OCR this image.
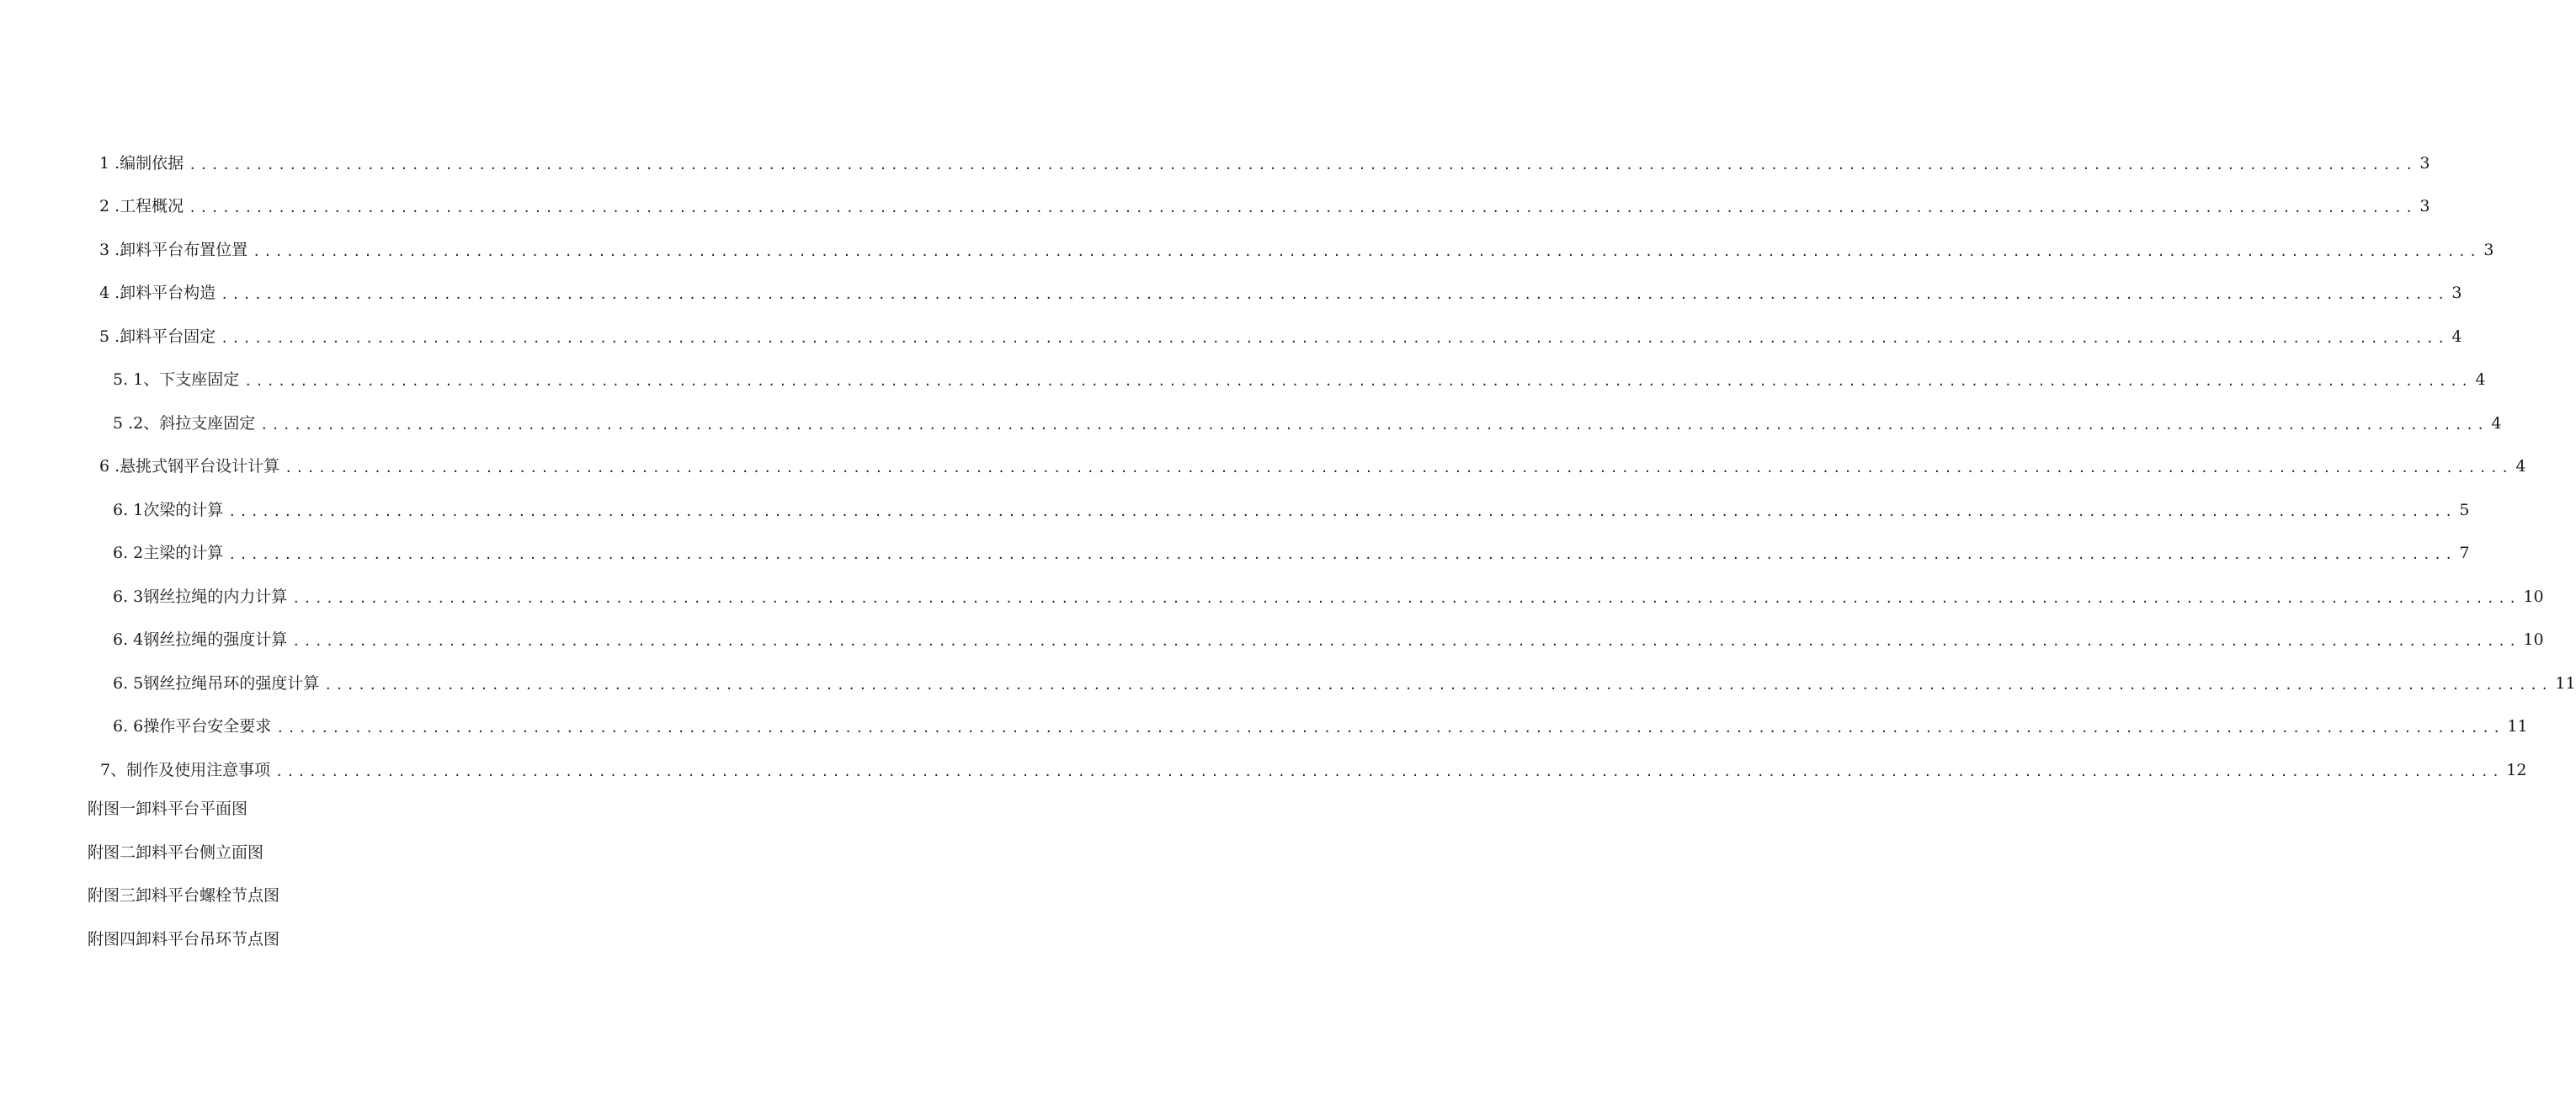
1 .编制依据 ........................................................................................................................................................................................................ 3
2 .工程概况 ........................................................................................................................................................................................................ 3
3 .卸料平台布置位置 ........................................................................................................................................................................................................ 3
4 .卸料平台构造 ........................................................................................................................................................................................................ 3
5 .卸料平台固定 ........................................................................................................................................................................................................ 4
5. 1、下支座固定 ........................................................................................................................................................................................................ 4
5 .2、斜拉支座固定 ........................................................................................................................................................................................................ 4
6 .悬挑式钢平台设计计算 ........................................................................................................................................................................................................ 4
6. 1次梁的计算 ........................................................................................................................................................................................................ 5
6. 2主梁的计算 ........................................................................................................................................................................................................ 7
6. 3钢丝拉绳的内力计算 ........................................................................................................................................................................................................ 10
6. 4钢丝拉绳的强度计算 ........................................................................................................................................................................................................ 10
6. 5钢丝拉绳吊环的强度计算 ........................................................................................................................................................................................................ 11
6. 6操作平台安全要求 ........................................................................................................................................................................................................ 11
7、制作及使用注意事项 ........................................................................................................................................................................................................ 12
附图一卸料平台平面图
附图二卸料平台侧立面图
附图三卸料平台螺栓节点图
附图四卸料平台吊环节点图
